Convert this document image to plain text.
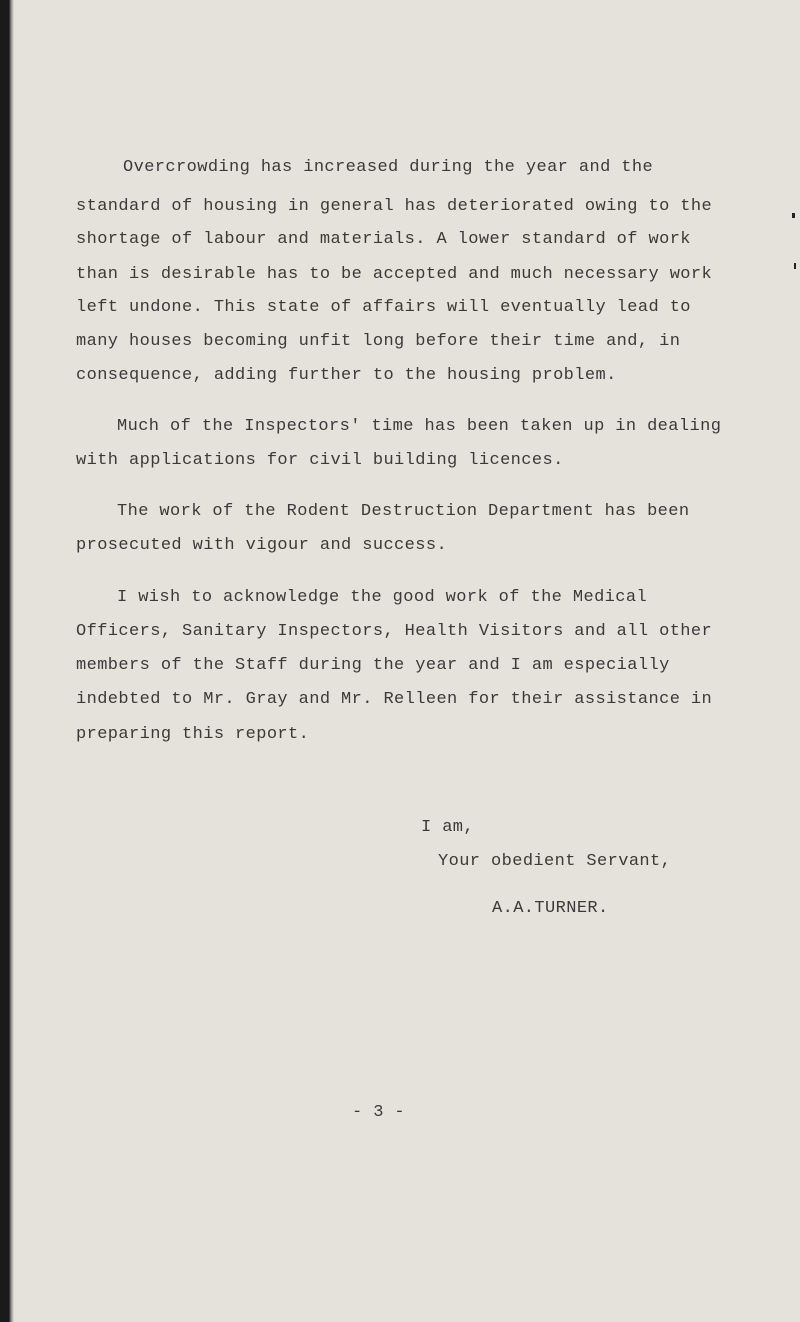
Overcrowding has increased during the year and the
standard of housing in general has deteriorated owing to the
shortage of labour and materials. A lower standard of work
than is desirable has to be accepted and much necessary work
left undone. This state of affairs will eventually lead to
many houses becoming unfit long before their time and, in
consequence, adding further to the housing problem.
Much of the Inspectors' time has been taken up in dealing
with applications for civil building licences.
The work of the Rodent Destruction Department has been
prosecuted with vigour and success.
I wish to acknowledge the good work of the Medical
Officers, Sanitary Inspectors, Health Visitors and all other
members of the Staff during the year and I am especially
indebted to Mr. Gray and Mr. Relleen for their assistance in
preparing this report.
I am,
Your obedient Servant,
A.A.TURNER.
- 3 -
